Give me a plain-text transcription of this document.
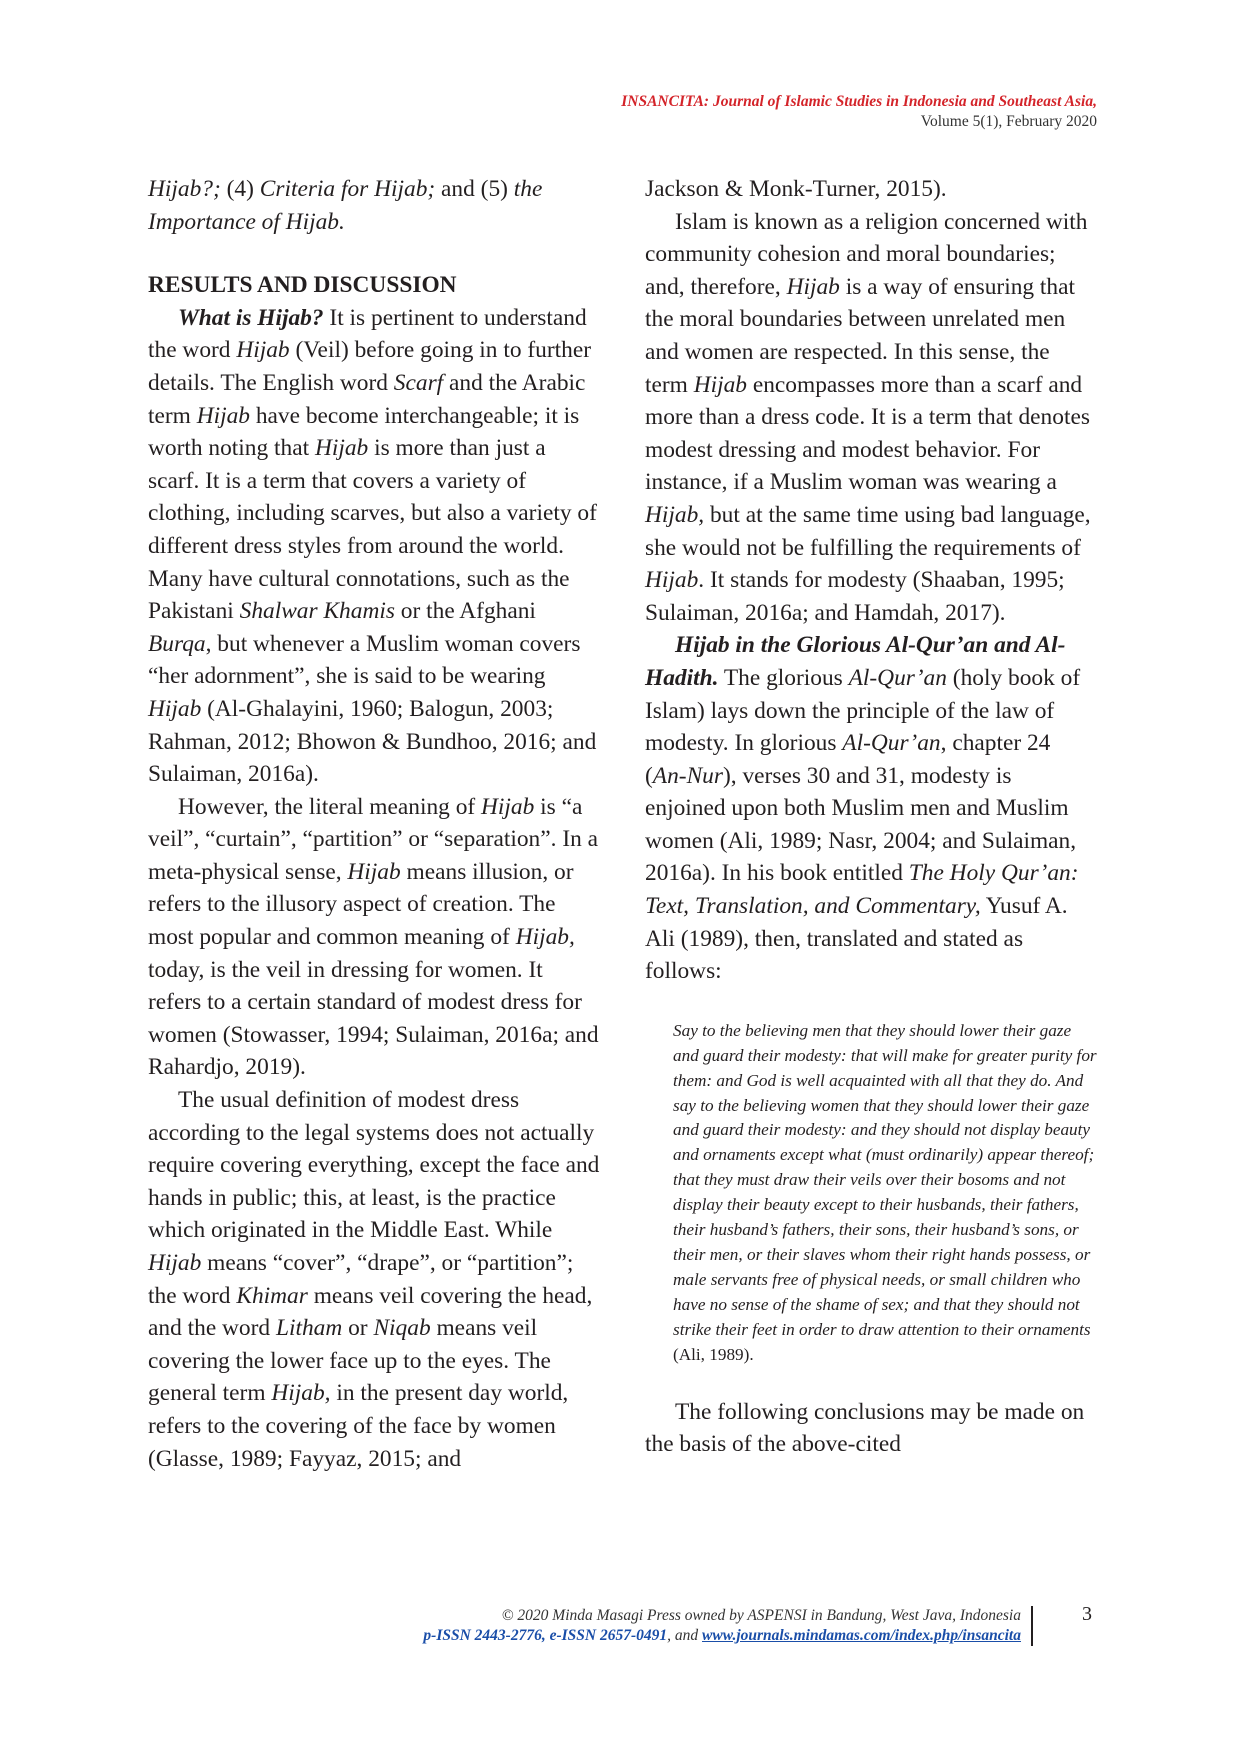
INSANCITA: Journal of Islamic Studies in Indonesia and Southeast Asia,
Volume 5(1), February 2020

Hijab?; (4) Criteria for Hijab; and (5) the Importance of Hijab.

RESULTS AND DISCUSSION

What is Hijab? It is pertinent to understand the word Hijab (Veil) before going in to further details. The English word Scarf and the Arabic term Hijab have become interchangeable; it is worth noting that Hijab is more than just a scarf. It is a term that covers a variety of clothing, including scarves, but also a variety of different dress styles from around the world. Many have cultural connotations, such as the Pakistani Shalwar Khamis or the Afghani Burqa, but whenever a Muslim woman covers “her adornment”, she is said to be wearing Hijab (Al-Ghalayini, 1960; Balogun, 2003; Rahman, 2012; Bhowon & Bundhoo, 2016; and Sulaiman, 2016a).

However, the literal meaning of Hijab is “a veil”, “curtain”, “partition” or “separation”. In a meta-physical sense, Hijab means illusion, or refers to the illusory aspect of creation. The most popular and common meaning of Hijab, today, is the veil in dressing for women. It refers to a certain standard of modest dress for women (Stowasser, 1994; Sulaiman, 2016a; and Rahardjo, 2019).

The usual definition of modest dress according to the legal systems does not actually require covering everything, except the face and hands in public; this, at least, is the practice which originated in the Middle East. While Hijab means “cover”, “drape”, or “partition”; the word Khimar means veil covering the head, and the word Litham or Niqab means veil covering the lower face up to the eyes. The general term Hijab, in the present day world, refers to the covering of the face by women (Glasse, 1989; Fayyaz, 2015; and

Jackson & Monk-Turner, 2015).

Islam is known as a religion concerned with community cohesion and moral boundaries; and, therefore, Hijab is a way of ensuring that the moral boundaries between unrelated men and women are respected. In this sense, the term Hijab encompasses more than a scarf and more than a dress code. It is a term that denotes modest dressing and modest behavior. For instance, if a Muslim woman was wearing a Hijab, but at the same time using bad language, she would not be fulfilling the requirements of Hijab. It stands for modesty (Shaaban, 1995; Sulaiman, 2016a; and Hamdah, 2017).

Hijab in the Glorious Al-Qur’an and Al-Hadith. The glorious Al-Qur’an (holy book of Islam) lays down the principle of the law of modesty. In glorious Al-Qur’an, chapter 24 (An-Nur), verses 30 and 31, modesty is enjoined upon both Muslim men and Muslim women (Ali, 1989; Nasr, 2004; and Sulaiman, 2016a). In his book entitled The Holy Qur’an: Text, Translation, and Commentary, Yusuf A. Ali (1989), then, translated and stated as follows:

Say to the believing men that they should lower their gaze and guard their modesty: that will make for greater purity for them: and God is well acquainted with all that they do. And say to the believing women that they should lower their gaze and guard their modesty: and they should not display beauty and ornaments except what (must ordinarily) appear thereof; that they must draw their veils over their bosoms and not display their beauty except to their husbands, their fathers, their husband’s fathers, their sons, their husband’s sons, or their men, or their slaves whom their right hands possess, or male servants free of physical needs, or small children who have no sense of the shame of sex; and that they should not strike their feet in order to draw attention to their ornaments (Ali, 1989).

The following conclusions may be made on the basis of the above-cited

© 2020 Minda Masagi Press owned by ASPENSI in Bandung, West Java, Indonesia
p-ISSN 2443-2776, e-ISSN 2657-0491, and www.journals.mindamas.com/index.php/insancita
3
